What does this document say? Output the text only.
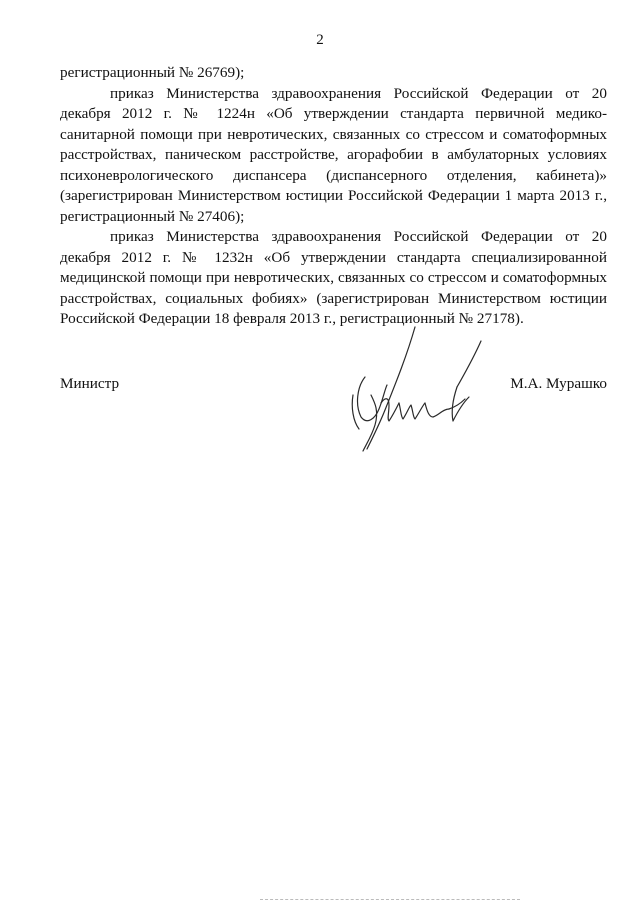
2

регистрационный № 26769);

приказ Министерства здравоохранения Российской Федерации от 20 декабря 2012 г. № 1224н «Об утверждении стандарта первичной медико-санитарной помощи при невротических, связанных со стрессом и соматоформных расстройствах, паническом расстройстве, агорафобии в амбулаторных условиях психоневрологического диспансера (диспансерного отделения, кабинета)» (зарегистрирован Министерством юстиции Российской Федерации 1 марта 2013 г., регистрационный № 27406);

приказ Министерства здравоохранения Российской Федерации от 20 декабря 2012 г. № 1232н «Об утверждении стандарта специализированной медицинской помощи при невротических, связанных со стрессом и соматоформных расстройствах, социальных фобиях» (зарегистрирован Министерством юстиции Российской Федерации 18 февраля 2013 г., регистрационный № 27178).

Министр	М.А. Мурашко
